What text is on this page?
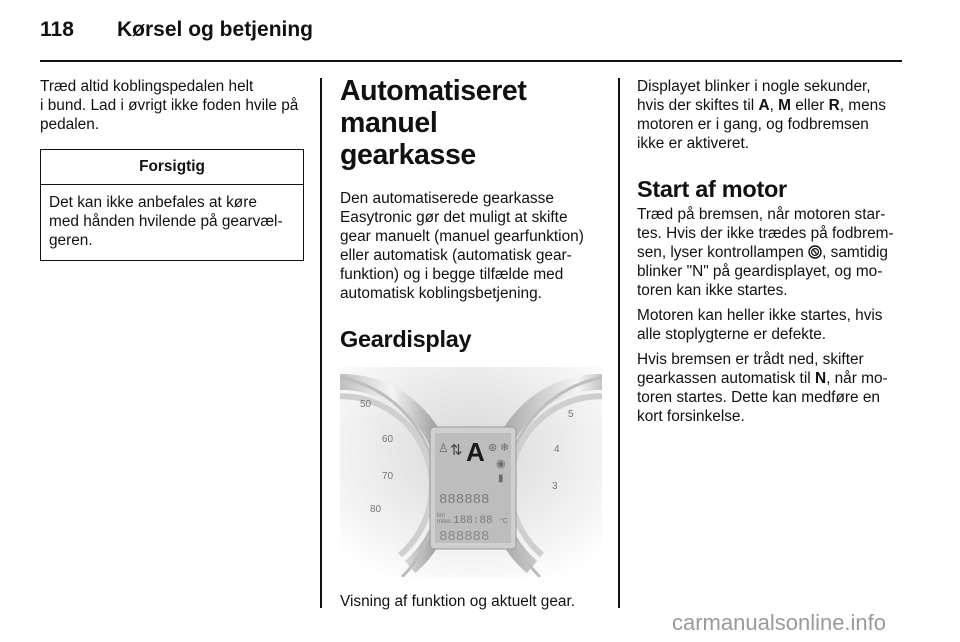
118 Kørsel og betjening

Træd altid koblingspedalen helt

i bund. Lad i øvrigt ikke foden hvile på

pedalen.

Forsigtig

Det kan ikke anbefales at køre

med hånden hvilende på gearvæl-

geren.

Automatiseret manuel
gearkasse

Den automatiserede gearkasse

Easytronic gør det muligt at skifte

gear manuelt (manuel gearfunktion)

eller automatisk (automatisk gear-

funktion) og i begge tilfælde med

automatisk koblingsbetjening.

Geardisplay
50
60
70
80
5
4
3
♙ ⇅ A ⊛ ❄
◉
▮
888888
km
miles 188:88 °C
888888

Visning af funktion og aktuelt gear.

Displayet blinker i nogle sekunder,

hvis der skiftes til A, M eller R, mens

motoren er i gang, og fodbremsen

ikke er aktiveret.

Start af motor

Træd på bremsen, når motoren star-

tes. Hvis der ikke trædes på fodbrem-

sen, lyser kontrollampen , samtidig

blinker "N" på geardisplayet, og mo-

toren kan ikke startes.

Motoren kan heller ikke startes, hvis

alle stoplygterne er defekte.

Hvis bremsen er trådt ned, skifter

gearkassen automatisk til N, når mo-

toren startes. Dette kan medføre en

kort forsinkelse.

carmanualsonline.info
